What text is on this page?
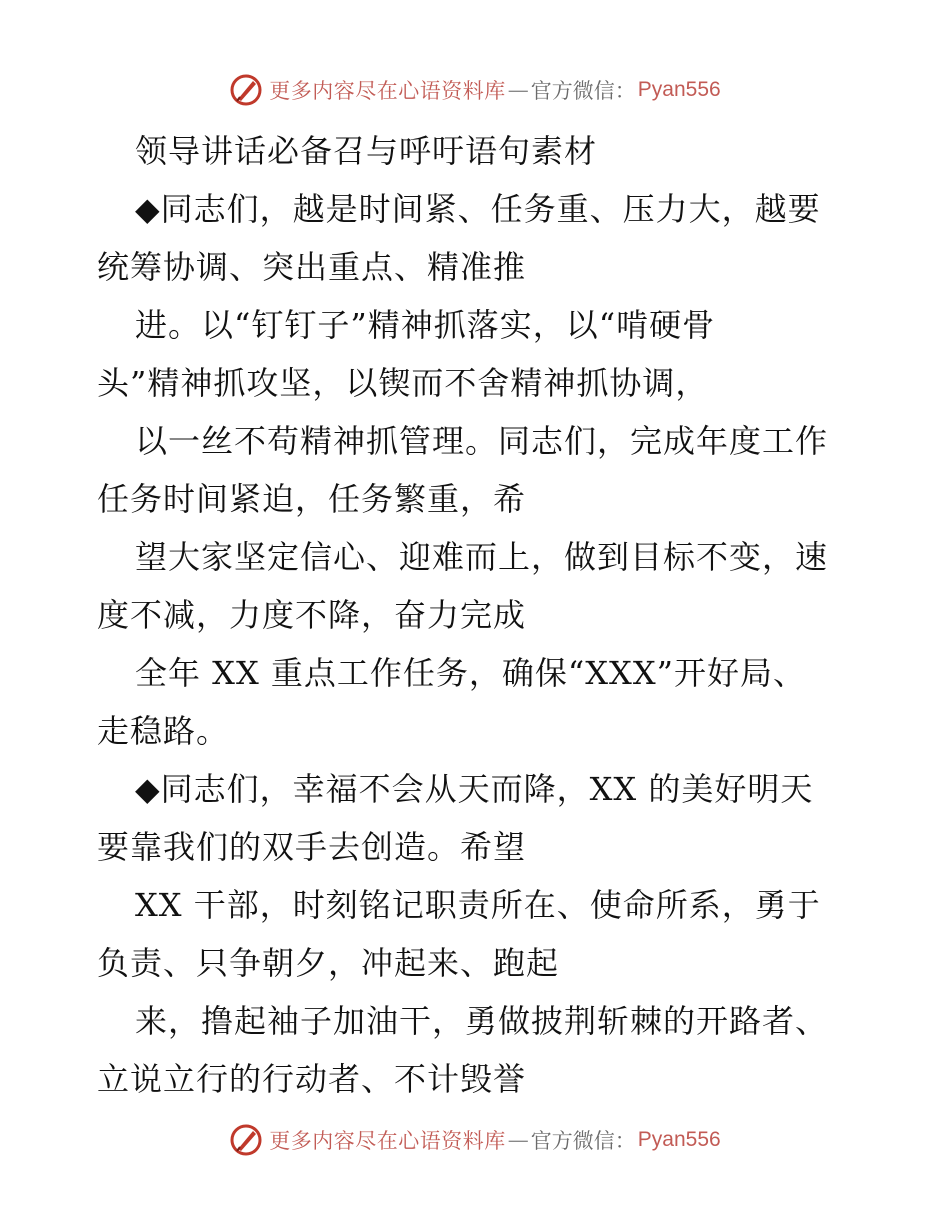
更多内容尽在心语资料库 — 官方微信： Pyan556
领导讲话必备召与呼吁语句素材
◆同志们，越是时间紧、任务重、压力大，越要
统筹协调、突出重点、精准推
进。以“钉钉子”精神抓落实，以“啃硬骨
头”精神抓攻坚，以锲而不舍精神抓协调，
以一丝不苟精神抓管理。同志们，完成年度工作
任务时间紧迫，任务繁重，希
望大家坚定信心、迎难而上，做到目标不变，速
度不减，力度不降，奋力完成
全年 XX 重点工作任务，确保“XXX”开好局、
走稳路。
◆同志们，幸福不会从天而降，XX 的美好明天
要靠我们的双手去创造。希望
XX 干部，时刻铭记职责所在、使命所系，勇于
负责、只争朝夕，冲起来、跑起
来，撸起袖子加油干，勇做披荆斩棘的开路者、
立说立行的行动者、不计毁誉
更多内容尽在心语资料库 — 官方微信： Pyan556
